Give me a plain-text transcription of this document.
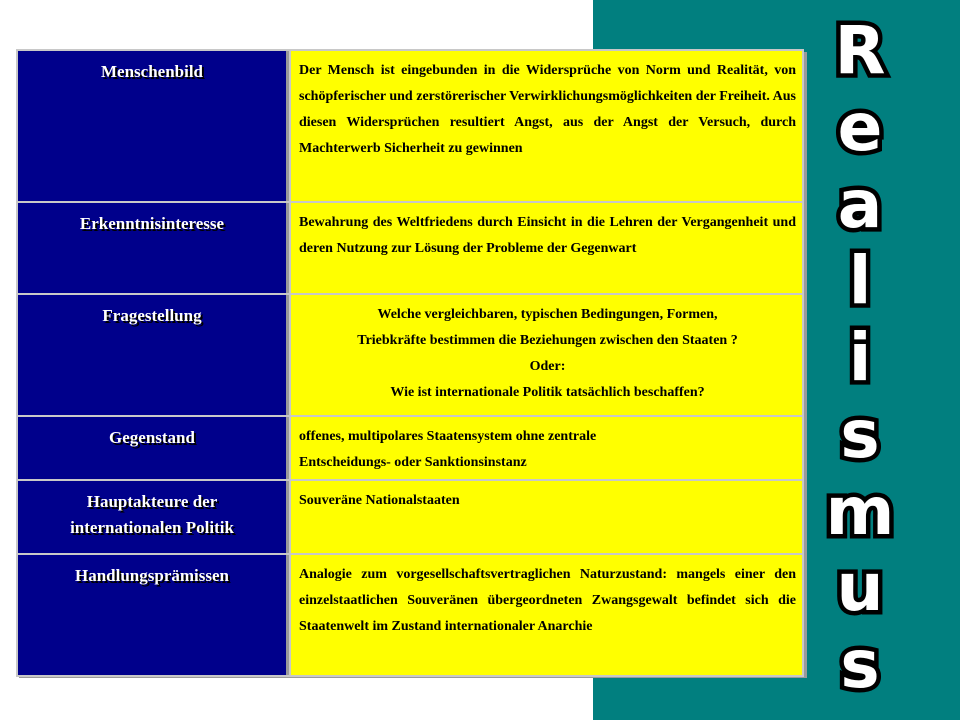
R
e
a
l
i
s
m
u
s
Menschenbild	Der Mensch ist eingebunden in die Widersprüche von Norm und Realität, von schöpferischer und zerstörerischer Verwirklichungsmöglichkeiten der Freiheit. Aus diesen Widersprüchen resultiert Angst, aus der Angst der Versuch, durch Machterwerb Sicherheit zu gewinnen
Erkenntnisinteresse	Bewahrung des Weltfriedens durch Einsicht in die Lehren der Vergangenheit und deren Nutzung zur Lösung der Probleme der Gegenwart
Fragestellung	Welche vergleichbaren, typischen Bedingungen, Formen,
Triebkräfte bestimmen die Beziehungen zwischen den Staaten ?
Oder:
Wie ist internationale Politik tatsächlich beschaffen?

Gegenstand	offenes, multipolares Staatensystem ohne zentrale
Entscheidungs- oder Sanktionsinstanz

Hauptakteure der
internationalen Politik	Souveräne Nationalstaaten
Handlungsprämissen	Analogie zum vorgesellschaftsvertraglichen Naturzustand: mangels einer den einzelstaatlichen Souveränen übergeordneten Zwangsgewalt befindet sich die Staatenwelt im Zustand internationaler Anarchie
